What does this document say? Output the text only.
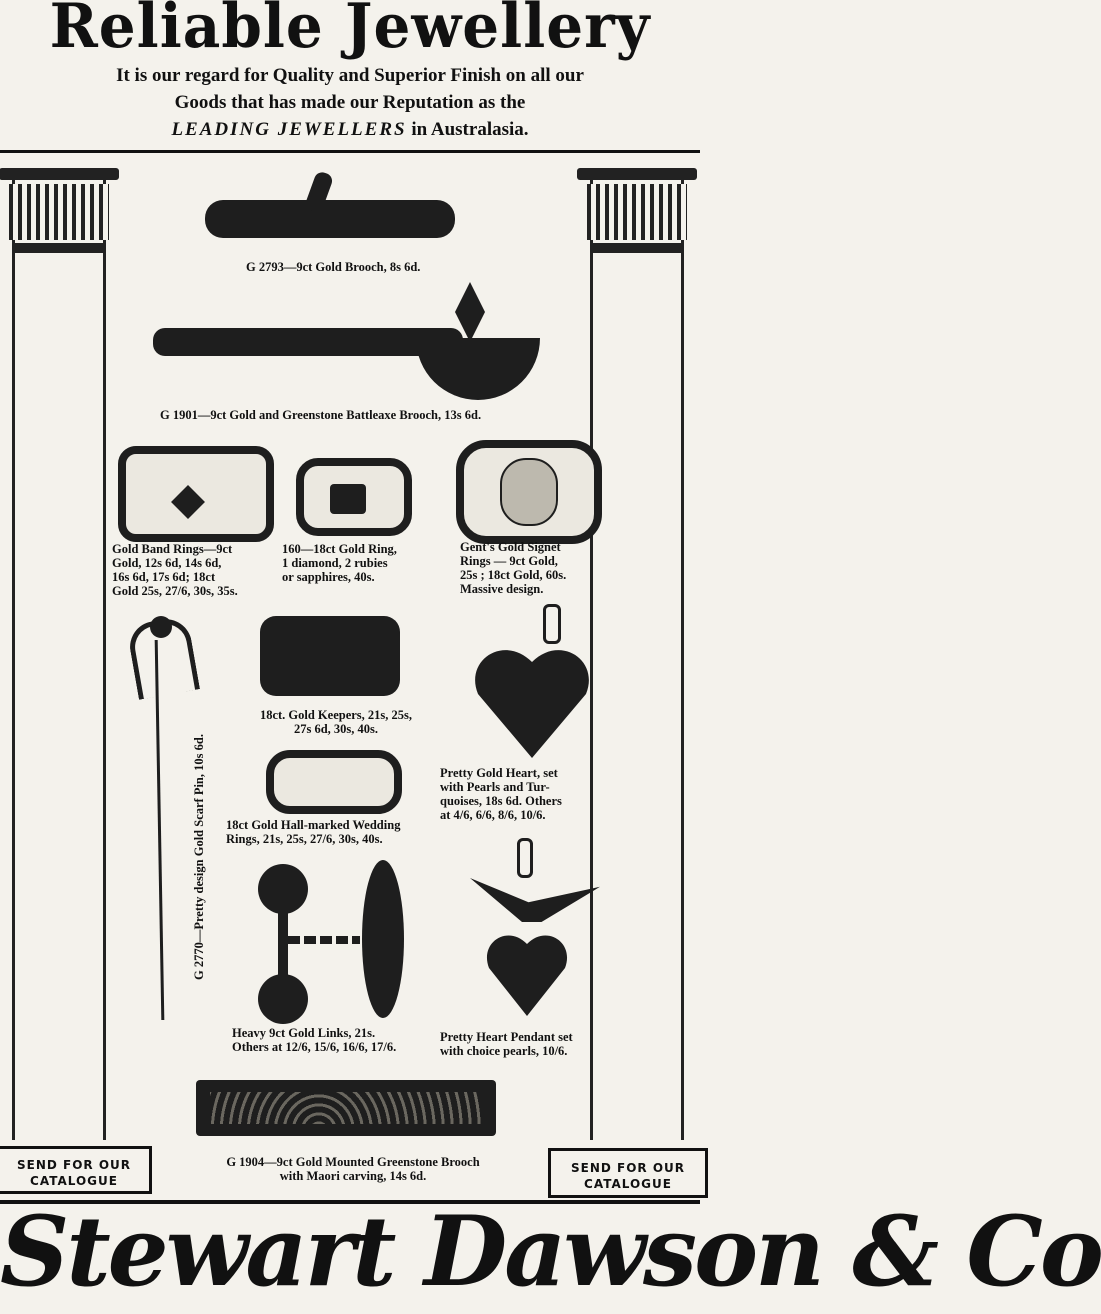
Reliable Jewellery
It is our regard for Quality and Superior Finish on all our
Goods that has made our Reputation as the
LEADING JEWELLERS in Australasia.
G 2793—9ct Gold Brooch, 8s 6d.
G 1901—9ct Gold and Greenstone Battleaxe Brooch, 13s 6d.
Gold Band Rings—9ct
Gold, 12s 6d, 14s 6d,
16s 6d, 17s 6d; 18ct
Gold 25s, 27/6, 30s, 35s.
160—18ct Gold Ring,
1 diamond, 2 rubies
or sapphires, 40s.
Gent's Gold Signet
Rings — 9ct Gold,
25s ; 18ct Gold, 60s.
Massive design.
G 2770—Pretty design Gold Scarf Pin, 10s 6d.
18ct. Gold Keepers, 21s, 25s,
27s 6d, 30s, 40s.
Pretty Gold Heart, set
with Pearls and Tur-
quoises, 18s 6d. Others
at 4/6, 6/6, 8/6, 10/6.
18ct Gold Hall-marked Wedding
Rings, 21s, 25s, 27/6, 30s, 40s.
Heavy 9ct Gold Links, 21s.
Others at 12/6, 15/6, 16/6, 17/6.
Pretty Heart Pendant set
with choice pearls, 10/6.
SEND FOR OUR
CATALOGUE
SEND FOR OUR
CATALOGUE
G 1904—9ct Gold Mounted Greenstone Brooch
with Maori carving, 14s 6d.
Stewart Dawson & Co
